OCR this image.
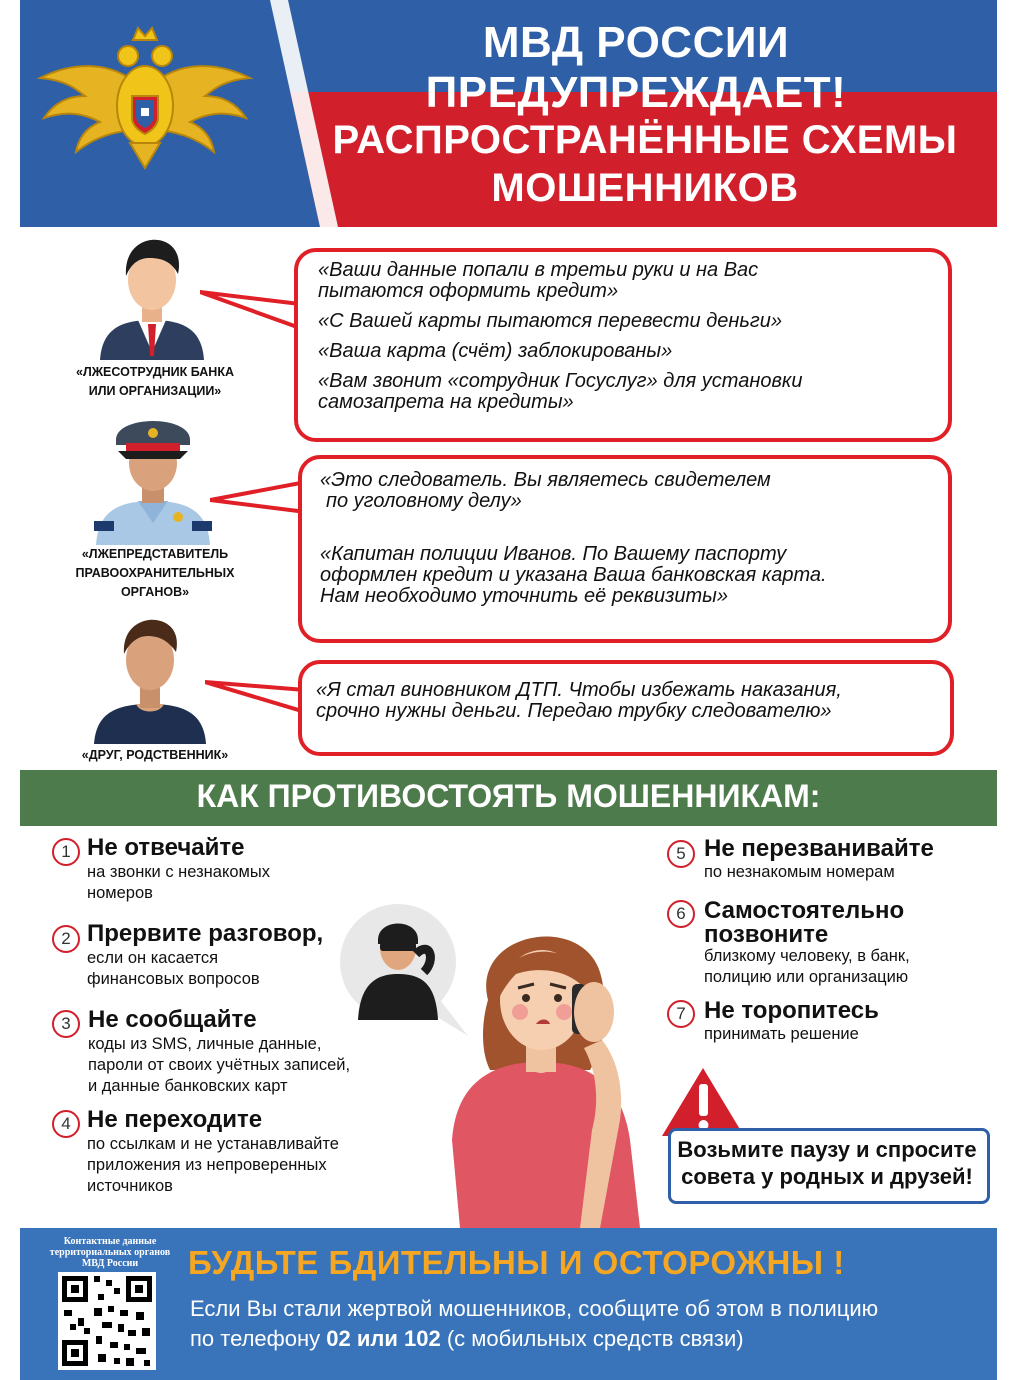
МВД РОССИИ ПРЕДУПРЕЖДАЕТ!
РАСПРОСТРАНЁННЫЕ СХЕМЫ
МОШЕННИКОВ
«ЛЖЕСОТРУДНИК БАНКА
ИЛИ ОРГАНИЗАЦИИ»
«Ваши данные попали в третьи руки и на Вас
пытаются оформить кредит»
«С Вашей карты пытаются перевести деньги»
«Ваша карта (счёт) заблокированы»
«Вам звонит «сотрудник Госуслуг» для установки
самозапрета на кредиты»
«ЛЖЕПРЕДСТАВИТЕЛЬ
ПРАВООХРАНИТЕЛЬНЫХ
ОРГАНОВ»
«Это следователь. Вы являетесь свидетелем
по уголовному делу»
«Капитан полиции Иванов. По Вашему паспорту
оформлен кредит и указана Ваша банковская карта.
Нам необходимо уточнить её реквизиты»
«ДРУГ, РОДСТВЕННИК»
«Я стал виновником ДТП. Чтобы избежать наказания,
срочно нужны деньги. Передаю трубку следователю»
КАК ПРОТИВОСТОЯТЬ МОШЕННИКАМ:
1 Не отвечайте
на звонки с незнакомых
номеров
2 Прервите разговор,
если он касается
финансовых вопросов
3 Не сообщайте
коды из SMS, личные данные,
пароли от своих учётных записей,
и данные банковских карт
4 Не переходите
по ссылкам и не устанавливайте
приложения из непроверенных
источников
5 Не перезванивайте
по незнакомым номерам
6 Самостоятельно
позвоните
близкому человеку, в банк,
полицию или организацию
7 Не торопитесь
принимать решение
Возьмите паузу и спросите
совета у родных и друзей!
Контактные данные
территориальных органов
МВД России	БУДЬТЕ БДИТЕЛЬНЫ И ОСТОРОЖНЫ !
Если Вы стали жертвой мошенников, сообщите об этом в полицию
по телефону 02 или 102 (с мобильных средств связи)
